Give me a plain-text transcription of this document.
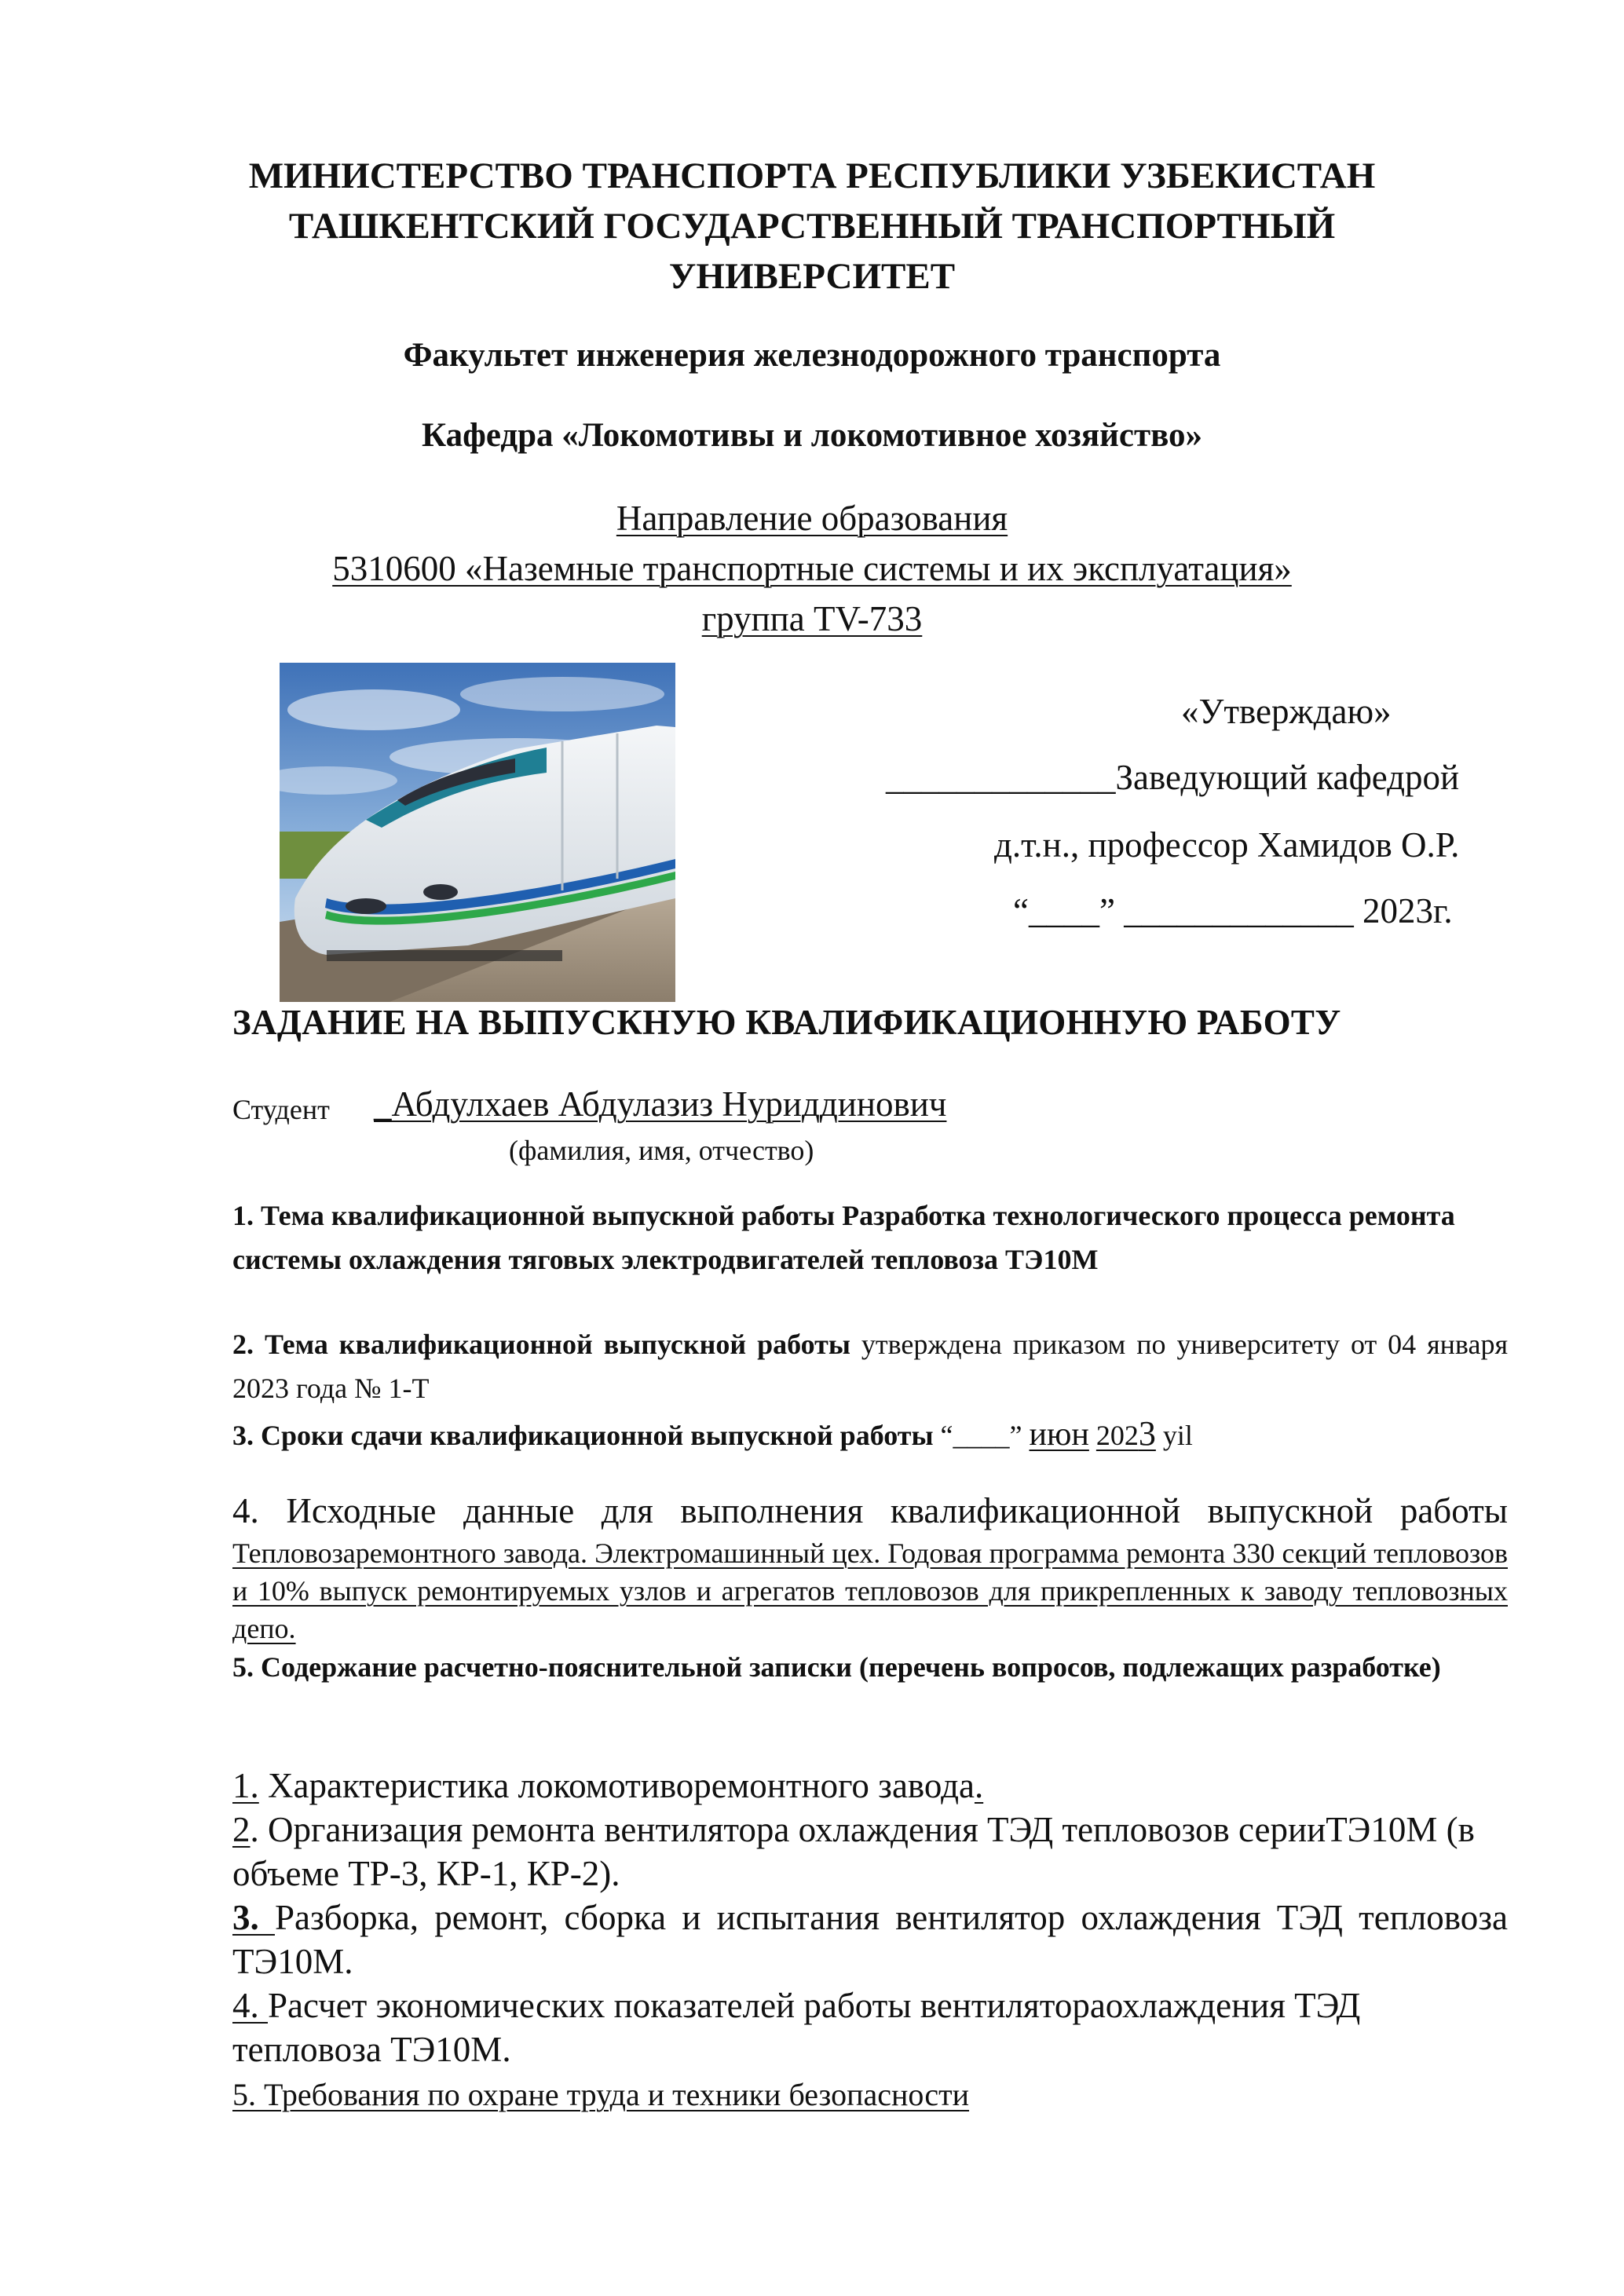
МИНИСТЕРСТВО ТРАНСПОРТА РЕСПУБЛИКИ УЗБЕКИСТАН
ТАШКЕНТСКИЙ ГОСУДАРСТВЕННЫЙ ТРАНСПОРТНЫЙ
УНИВЕРСИТЕТ
Факультет инженерия железнодорожного транспорта
Кафедра «Локомотивы и локомотивное хозяйство»
Направление образования
5310600 «Наземные транспортные системы и их эксплуатация»
группа TV-733
«Утверждаю»
_____________Заведующий кафедрой
д.т.н., профессор Хамидов О.Р.
“____” _____________ 2023г.
ЗАДАНИЕ НА ВЫПУСКНУЮ КВАЛИФИКАЦИОННУЮ РАБОТУ
Студент _Абдулхаев Абдулазиз Нуриддинович
(фамилия, имя, отчество)
1. Тема квалификационной выпускной работы Разработка технологического процесса ремонта системы охлаждения тяговых электродвигателей тепловоза ТЭ10М
2. Тема квалификационной выпускной работы утверждена приказом по университету от 04 января 2023 года № 1-Т
3. Сроки сдачи квалификационной выпускной работы “____” июн 2023 yil
4. Исходные данные для выполнения квалификационной выпускной работы
Тепловозаремонтного завода. Электромашинный цех. Годовая программа ремонта 330 секций тепловозов и 10% выпуск ремонтируемых узлов и агрегатов тепловозов для прикрепленных к заводу тепловозных депо.
5. Содержание расчетно-пояснительной записки (перечень вопросов, подлежащих разработке)
1. Характеристика локомотиворемонтного завода.
2. Организация ремонта вентилятора охлаждения ТЭД тепловозов серииТЭ10М (в объеме ТР-3, КР-1, КР-2).
3. Разборка, ремонт, сборка и испытания вентилятор охлаждения ТЭД тепловоза ТЭ10М.
4. Расчет экономических показателей работы вентиляторaохлаждения ТЭД тепловоза ТЭ10М.
5. Требования по охране труда и техники безопасности
